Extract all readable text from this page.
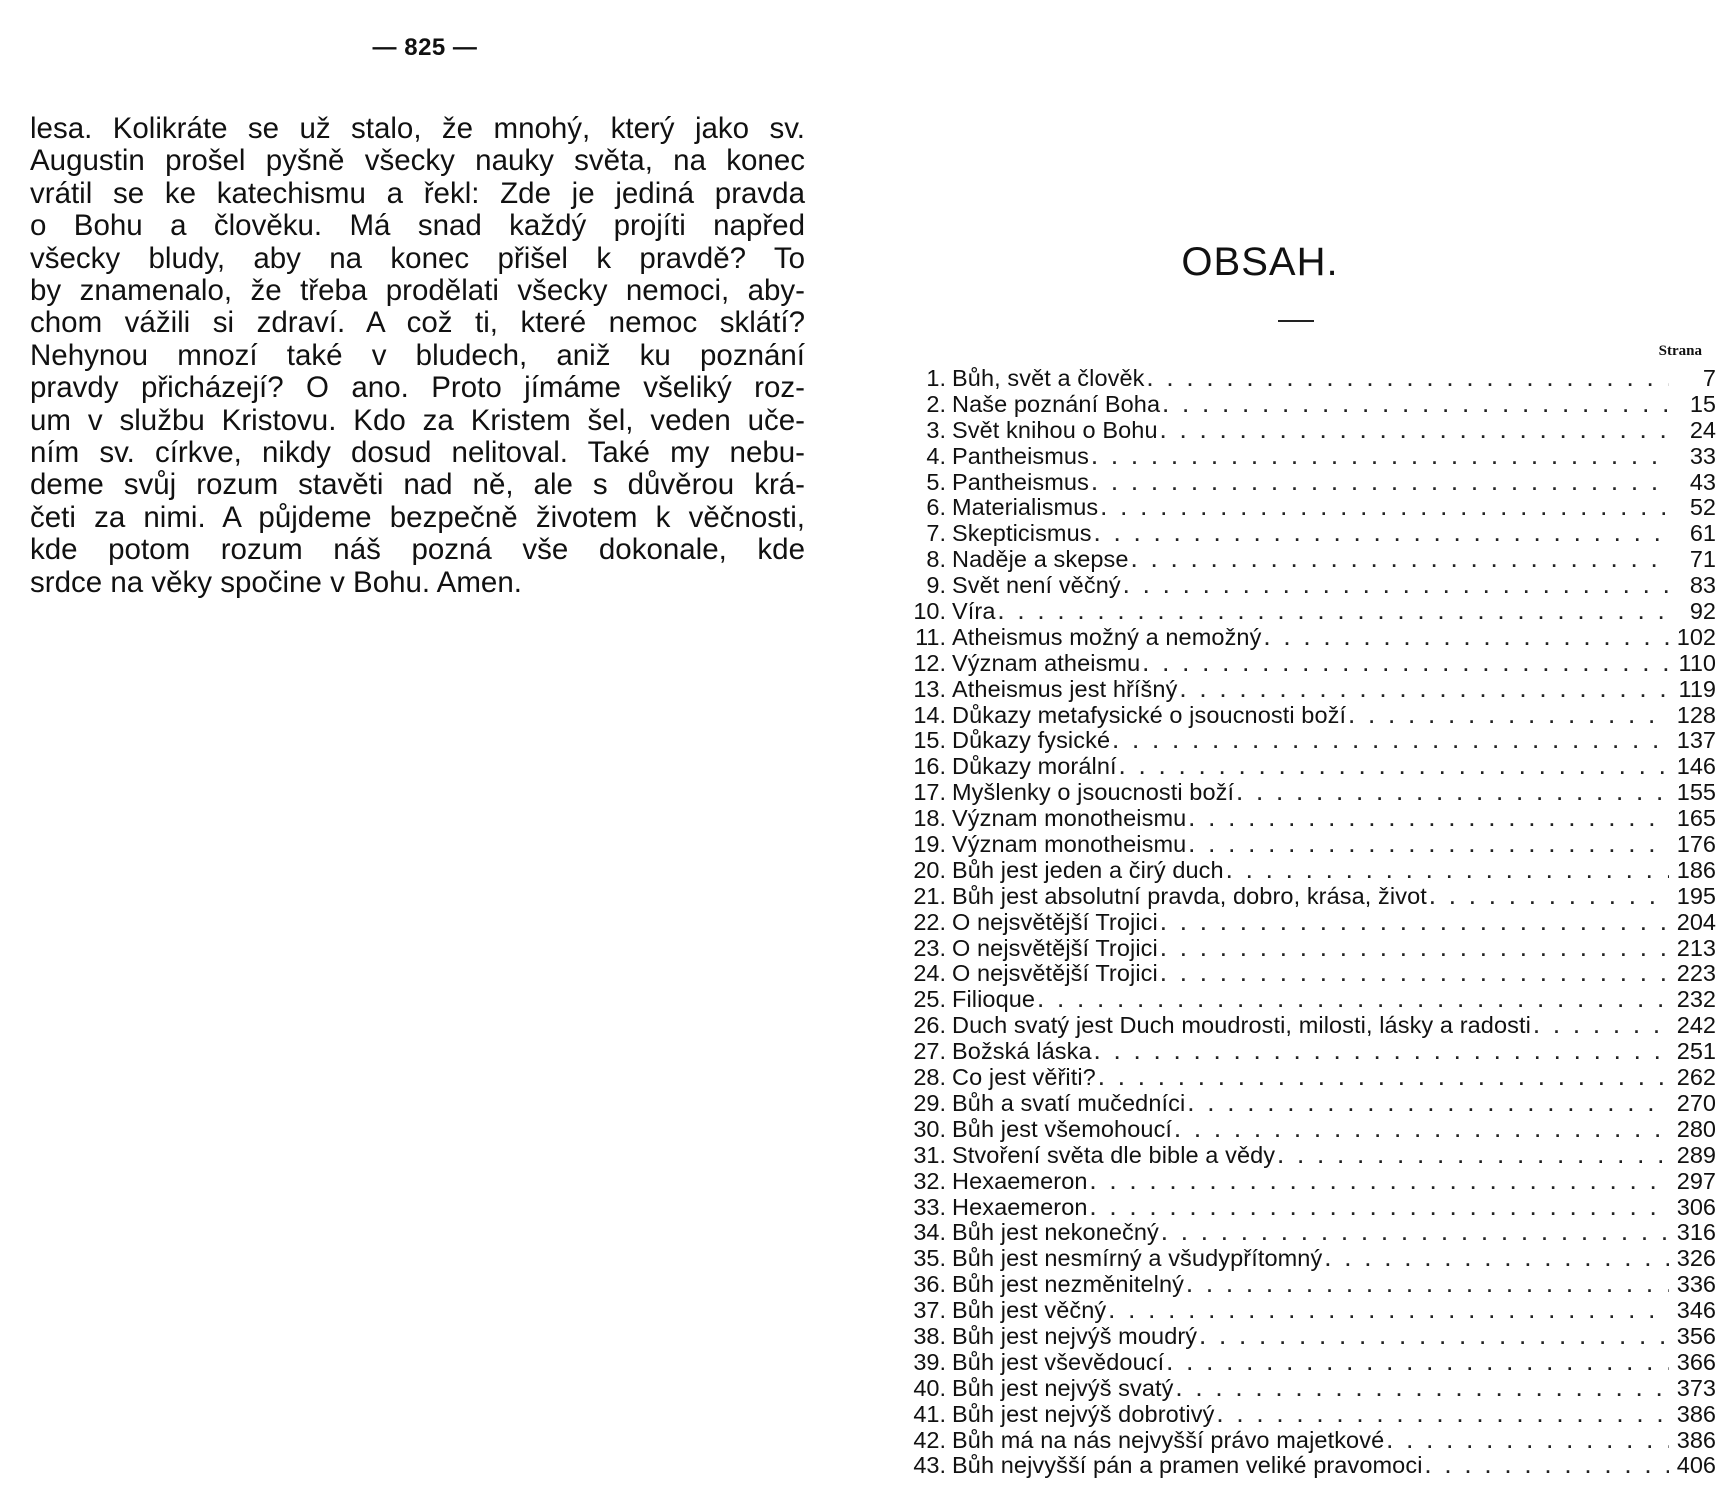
— 825 —
lesa. Kolikráte se už stalo, že mnohý, který jako sv.
Augustin prošel pyšně všecky nauky světa, na konec
vrátil se ke katechismu a řekl: Zde je jediná pravda
o Bohu a člověku. Má snad každý projíti napřed
všecky bludy, aby na konec přišel k pravdě? To
by znamenalo, že třeba prodělati všecky nemoci, aby-
chom vážili si zdraví. A což ti, které nemoc sklátí?
Nehynou mnozí také v bludech, aniž ku poznání
pravdy přicházejí? O ano. Proto jímáme všeliký roz-
um v službu Kristovu. Kdo za Kristem šel, veden uče-
ním sv. církve, nikdy dosud nelitoval. Také my nebu-
deme svůj rozum stavěti nad ně, ale s důvěrou krá-
četi za nimi. A půjdeme bezpečně životem k věčnosti,
kde potom rozum náš pozná vše dokonale, kde
srdce na věky spočine v Bohu. Amen.
OBSAH.
Strana
1. Bůh, svět a člověk . . .	7
2. Naše poznání Boha . . .	15
3. Svět knihou o Bohu . . .	24
4. Pantheismus . . .	33
5. Pantheismus . . .	43
6. Materialismus . . .	52
7. Skepticismus . . .	61
8. Naděje a skepse . . .	71
9. Svět není věčný . . .	83
10. Víra . . .	92
11. Atheismus možný a nemožný . . .	102
12. Význam atheismu . . .	110
13. Atheismus jest hříšný . . .	119
14. Důkazy metafysické o jsoucnosti boží . . .	128
15. Důkazy fysické . . .	137
16. Důkazy morální . . .	146
17. Myšlenky o jsoucnosti boží . . .	155
18. Význam monotheismu . . .	165
19. Význam monotheismu . . .	176
20. Bůh jest jeden a čirý duch . . .	186
21. Bůh jest absolutní pravda, dobro, krása, život . . .	195
22. O nejsvětější Trojici . . .	204
23. O nejsvětější Trojici . . .	213
24. O nejsvětější Trojici . . .	223
25. Filioque . . .	232
26. Duch svatý jest Duch moudrosti, milosti, lásky a radosti . . .	242
27. Božská láska . . .	251
28. Co jest věřiti? . . .	262
29. Bůh a svatí mučedníci . . .	270
30. Bůh jest všemohoucí . . .	280
31. Stvoření světa dle bible a vědy . . .	289
32. Hexaemeron . . .	297
33. Hexaemeron . . .	306
34. Bůh jest nekonečný . . .	316
35. Bůh jest nesmírný a všudypřítomný . . .	326
36. Bůh jest nezměnitelný . . .	336
37. Bůh jest věčný . . .	346
38. Bůh jest nejvýš moudrý . . .	356
39. Bůh jest vševědoucí . . .	366
40. Bůh jest nejvýš svatý . . .	373
41. Bůh jest nejvýš dobrotivý . . .	386
42. Bůh má na nás nejvyšší právo majetkové . . .	386
43. Bůh nejvyšší pán a pramen veliké pravomoci . . .	406
